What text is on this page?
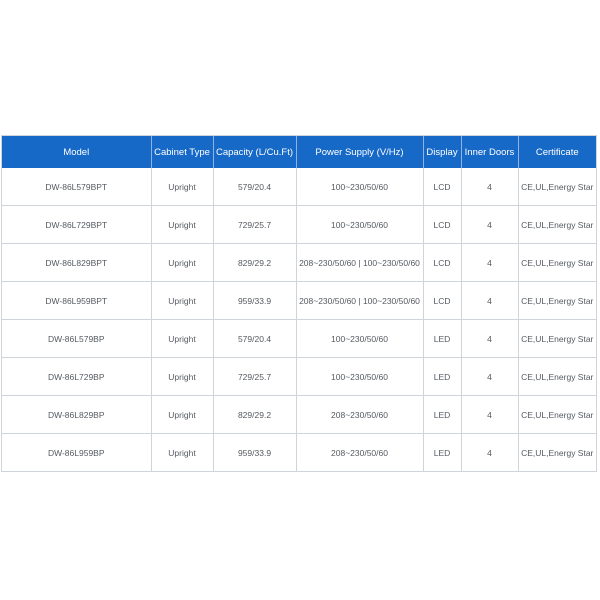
Model	Cabinet Type	Capacity (L/Cu.Ft)	Power Supply (V/Hz)	Display	Inner Doors	Certificate
DW-86L579BPT	Upright	579/20.4	100~230/50/60	LCD	4	CE,UL,Energy Star
DW-86L729BPT	Upright	729/25.7	100~230/50/60	LCD	4	CE,UL,Energy Star
DW-86L829BPT	Upright	829/29.2	208~230/50/60 | 100~230/50/60	LCD	4	CE,UL,Energy Star
DW-86L959BPT	Upright	959/33.9	208~230/50/60 | 100~230/50/60	LCD	4	CE,UL,Energy Star
DW-86L579BP	Upright	579/20.4	100~230/50/60	LED	4	CE,UL,Energy Star
DW-86L729BP	Upright	729/25.7	100~230/50/60	LED	4	CE,UL,Energy Star
DW-86L829BP	Upright	829/29.2	208~230/50/60	LED	4	CE,UL,Energy Star
DW-86L959BP	Upright	959/33.9	208~230/50/60	LED	4	CE,UL,Energy Star
